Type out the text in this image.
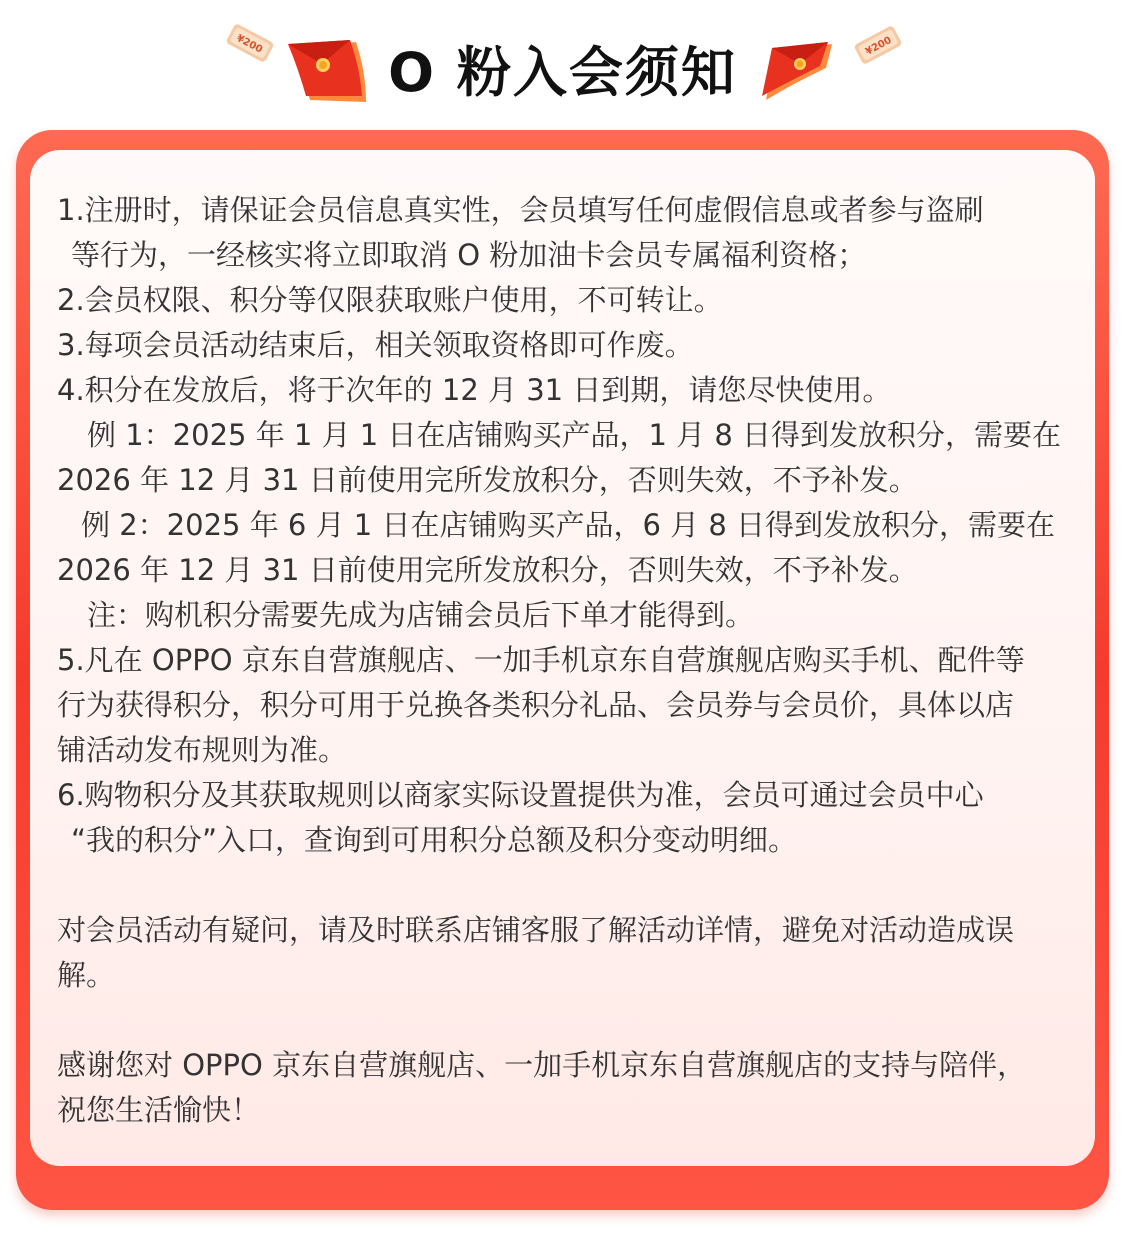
¥200	O 粉入会须知	¥200

1.注册时，请保证会员信息真实性，会员填写任何虚假信息或者参与盗刷

等行为，一经核实将立即取消 O 粉加油卡会员专属福利资格；

2.会员权限、积分等仅限获取账户使用，不可转让。

3.每项会员活动结束后，相关领取资格即可作废。

4.积分在发放后，将于次年的 12 月 31 日到期，请您尽快使用。

例 1：2025 年 1 月 1 日在店铺购买产品，1 月 8 日得到发放积分，需要在

2026 年 12 月 31 日前使用完所发放积分，否则失效，不予补发。

例 2：2025 年 6 月 1 日在店铺购买产品，6 月 8 日得到发放积分，需要在

2026 年 12 月 31 日前使用完所发放积分，否则失效，不予补发。

注：购机积分需要先成为店铺会员后下单才能得到。

5.凡在 OPPO 京东自营旗舰店、一加手机京东自营旗舰店购买手机、配件等

行为获得积分，积分可用于兑换各类积分礼品、会员券与会员价，具体以店

铺活动发布规则为准。

6.购物积分及其获取规则以商家实际设置提供为准，会员可通过会员中心

“我的积分”入口，查询到可用积分总额及积分变动明细。

对会员活动有疑问，请及时联系店铺客服了解活动详情，避免对活动造成误

解。

感谢您对 OPPO 京东自营旗舰店、一加手机京东自营旗舰店的支持与陪伴，

祝您生活愉快！
